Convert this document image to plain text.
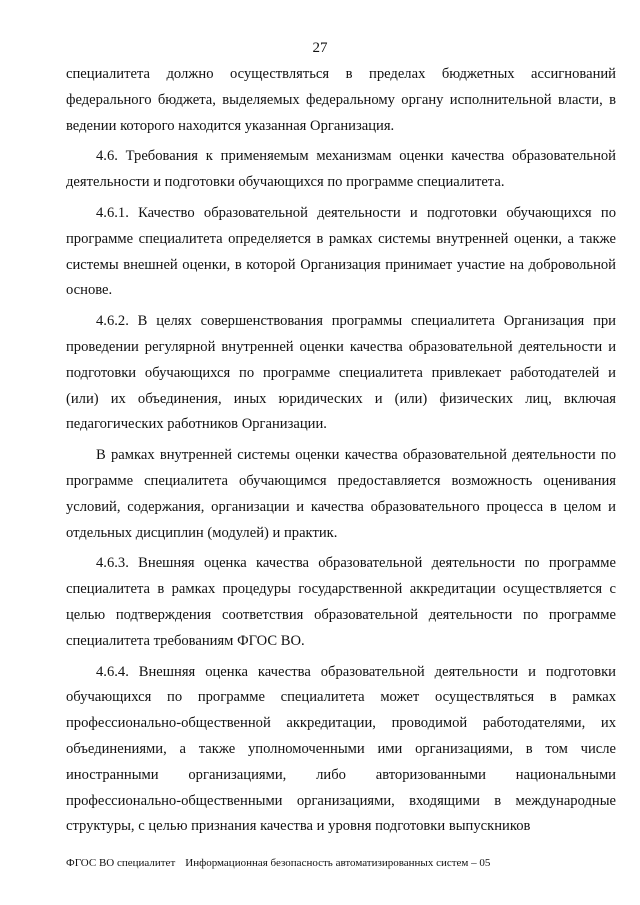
27

специалитета должно осуществляться в пределах бюджетных ассигнований федерального бюджета, выделяемых федеральному органу исполнительной власти, в ведении которого находится указанная Организация.

4.6. Требования к применяемым механизмам оценки качества образовательной деятельности и подготовки обучающихся по программе специалитета.

4.6.1. Качество образовательной деятельности и подготовки обучающихся по программе специалитета определяется в рамках системы внутренней оценки, а также системы внешней оценки, в которой Организация принимает участие на добровольной основе.

4.6.2. В целях совершенствования программы специалитета Организация при проведении регулярной внутренней оценки качества образовательной деятельности и подготовки обучающихся по программе специалитета привлекает работодателей и (или) их объединения, иных юридических и (или) физических лиц, включая педагогических работников Организации.

В рамках внутренней системы оценки качества образовательной деятельности по программе специалитета обучающимся предоставляется возможность оценивания условий, содержания, организации и качества образовательного процесса в целом и отдельных дисциплин (модулей) и практик.

4.6.3. Внешняя оценка качества образовательной деятельности по программе специалитета в рамках процедуры государственной аккредитации осуществляется с целью подтверждения соответствия образовательной деятельности по программе специалитета требованиям ФГОС ВО.

4.6.4. Внешняя оценка качества образовательной деятельности и подготовки обучающихся по программе специалитета может осуществляться в рамках профессионально-общественной аккредитации, проводимой работодателями, их объединениями, а также уполномоченными ими организациями, в том числе иностранными организациями, либо авторизованными национальными профессионально-общественными организациями, входящими в международные структуры, с целью признания качества и уровня подготовки выпускников

ФГОС ВО специалитет Информационная безопасность автоматизированных систем – 05
